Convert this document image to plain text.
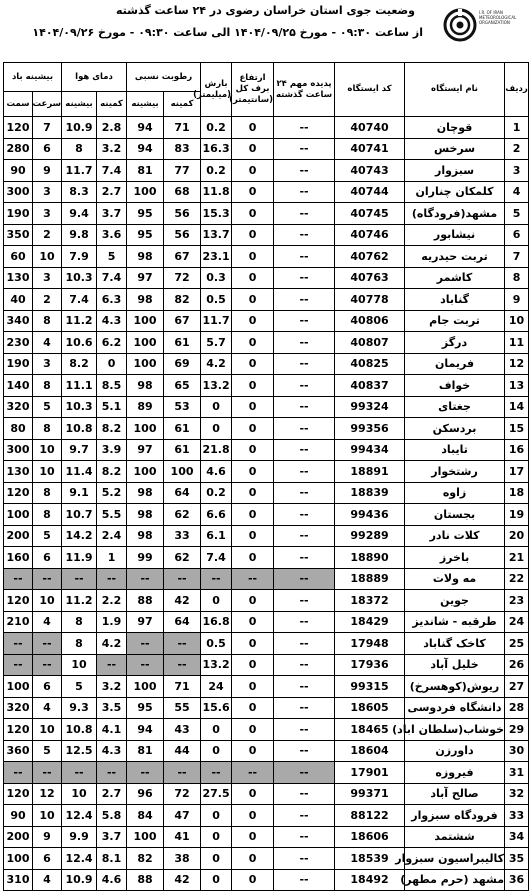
I.R. OF IRAN METEOROLOGICAL ORGANIZATION
وضعیت جوی استان خراسان رضوی در ۲۴ ساعت گذشته
از ساعت ۰۹:۳۰ - مورخ ۱۴۰۴/۰۹/۲۵ الی ساعت ۰۹:۳۰ - مورخ ۱۴۰۴/۰۹/۲۶
ردیف	نام ایستگاه	کد ایستگاه	پدیده مهم ۲۴ ساعت گذشته	ارتفاع برف کل
(سانتیمتر)	بارش
(میلیمتر)	رطوبت نسبی		دمای هوا		بیشینه باد	
						کمینه	بیشینه	کمینه	بیشینه	سرعت	سمت
1	قوچان	40740	--	0	0.2	71	94	2.8	10.9	7	120
2	سرخس	40741	--	0	16.3	83	94	3.2	8	6	280
3	سبزوار	40743	--	0	0.2	77	81	7.4	11.7	9	90
4	کلمکان چناران	40744	--	0	11.8	68	100	2.7	8.3	3	300
5	مشهد(فرودگاه)	40745	--	0	15.3	56	95	3.7	9.4	3	190
6	نیشابور	40746	--	0	13.7	56	95	3.6	9.8	2	350
7	تربت حیدریه	40762	--	0	23.1	67	98	5	7.9	10	60
8	کاشمر	40763	--	0	0.3	72	97	7.4	10.3	3	130
9	گناباد	40778	--	0	0.5	82	98	6.3	7.4	2	40
10	تربت جام	40806	--	0	11.7	67	100	4.3	11.2	8	340
11	درگز	40807	--	0	5.7	61	100	6.2	10.6	4	230
12	فریمان	40825	--	0	4.2	69	100	0	8.2	3	190
13	خواف	40837	--	0	13.2	65	98	8.5	11.1	8	140
14	جغتای	99324	--	0	0	53	89	5.1	10.3	5	320
15	بردسکن	99356	--	0	0	61	100	8.2	10.8	8	80
16	تایباد	99434	--	0	21.8	61	97	3.9	9.7	10	300
17	رشتخوار	18891	--	0	4.6	100	100	8.2	11.4	10	130
18	زاوه	18839	--	0	0.2	64	98	5.2	9.1	8	120
19	بجستان	99436	--	0	6.6	62	98	5.5	10.7	8	100
20	کلات نادر	99289	--	0	6.1	33	98	2.4	14.2	5	200
21	باخرز	18890	--	0	7.4	62	99	1	11.9	6	160
22	مه ولات	18889	--	--	--	--	--	--	--	--	--
23	جوین	18372	--	0	0	42	88	2.2	11.2	10	120
24	طرقبه - شاندیز	18429	--	0	16.8	64	97	1.9	8	4	210
25	کاخک گناباد	17948	--	0	0.5	--	--	4.2	8	--	--
26	خلیل آباد	17936	--	0	13.2	--	--	--	10	--	--
27	ریوش(کوهسرخ)	99315	--	0	24	71	100	3.2	5	6	100
28	دانشگاه فردوسی	18605	--	0	15.6	55	95	3.5	9.3	4	320
29	خوشاب(سلطان اباد)	18465	--	0	0	43	94	4.1	10.8	10	120
30	داورزن	18604	--	0	0	44	81	4.3	12.5	5	360
31	فیروزه	17901	--	--	--	--	--	--	--	--	--
32	صالح آباد	99371	--	0	27.5	72	96	2.7	10	12	120
33	فرودگاه سبزوار	88122	--	0	0	47	84	5.8	12.4	10	90
34	ششتمد	18606	--	0	0	41	100	3.7	9.9	9	200
35	کالیبراسیون سبزوار	18539	--	0	0	38	82	8.1	12.4	6	100
36	مشهد (حرم مطهر)	18492	--	0	0	42	88	4.6	10.9	4	310
